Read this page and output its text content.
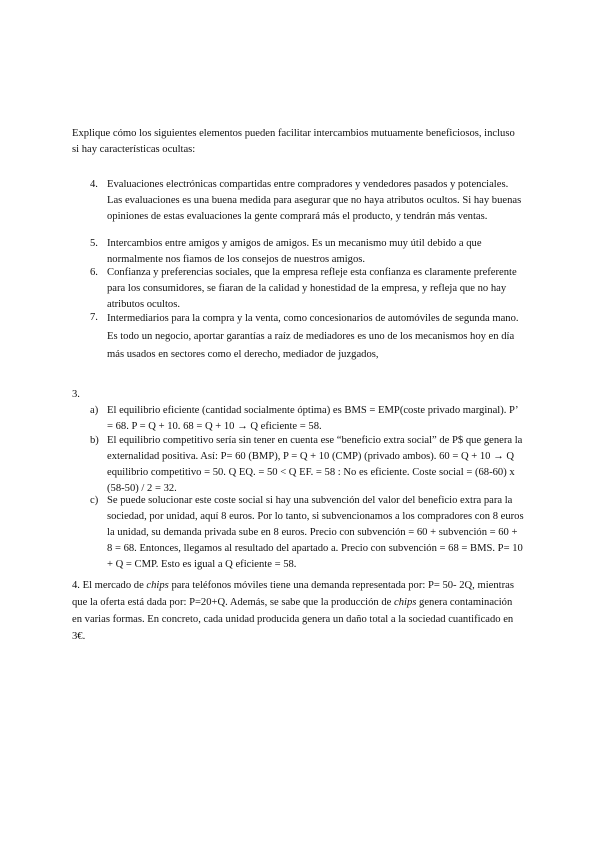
Explique cómo los siguientes elementos pueden facilitar intercambios mutuamente beneficiosos, incluso si hay características ocultas:
4. Evaluaciones electrónicas compartidas entre compradores y vendedores pasados y potenciales. Las evaluaciones es una buena medida para asegurar que no haya atributos ocultos. Si hay buenas opiniones de estas evaluaciones la gente comprará más el producto, y tendrán más ventas.
5. Intercambios entre amigos y amigos de amigos. Es un mecanismo muy útil debido a que normalmente nos fiamos de los consejos de nuestros amigos.
6. Confianza y preferencias sociales, que la empresa refleje esta confianza es claramente preferente para los consumidores, se fiaran de la calidad y honestidad de la empresa, y refleja que no hay atributos ocultos.
7. Intermediarios para la compra y la venta, como concesionarios de automóviles de segunda mano. Es todo un negocio, aportar garantías a raíz de mediadores es uno de los mecanismos hoy en día más usados en sectores como el derecho, mediador de juzgados,
3.
a) El equilibrio eficiente (cantidad socialmente óptima) es BMS = EMP(coste privado marginal). P’ = 68. P = Q + 10. 68 = Q + 10 → Q eficiente = 58.
b) El equilibrio competitivo sería sin tener en cuenta ese “beneficio extra social” de P$ que genera la externalidad positiva. Así: P= 60 (BMP), P = Q + 10 (CMP) (privado ambos). 60 = Q + 10 → Q equilibrio competitivo = 50. Q EQ. = 50 < Q EF. = 58 : No es eficiente. Coste social = (68-60) x (58-50) / 2 = 32.
c) Se puede solucionar este coste social si hay una subvención del valor del beneficio extra para la sociedad, por unidad, aquí 8 euros. Por lo tanto, si subvencionamos a los compradores con 8 euros la unidad, su demanda privada sube en 8 euros. Precio con subvención = 60 + subvención = 60 + 8 = 68. Entonces, llegamos al resultado del apartado a. Precio con subvención = 68 = BMS. P= 10 + Q = CMP. Esto es igual a Q eficiente = 58.
4. El mercado de chips para teléfonos móviles tiene una demanda representada por: P= 50- 2Q, mientras que la oferta está dada por: P=20+Q. Además, se sabe que la producción de chips genera contaminación en varias formas. En concreto, cada unidad producida genera un daño total a la sociedad cuantificado en 3€.
